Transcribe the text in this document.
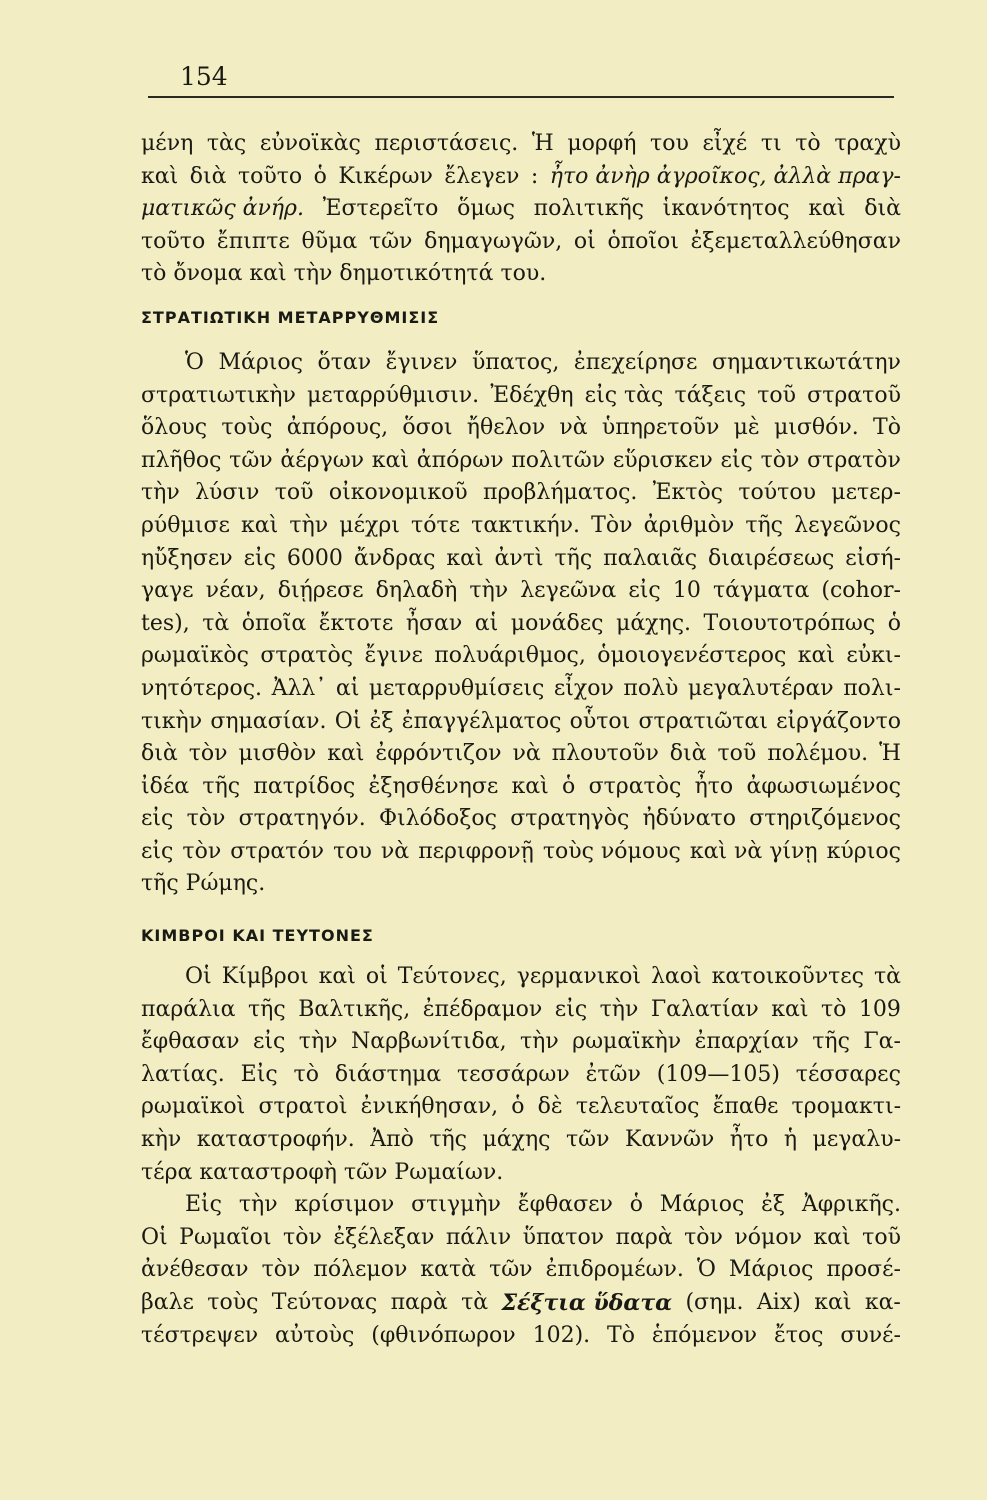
154
μένη τὰς εὐνοϊκὰς περιστάσεις. Ἡ μορφή του εἶχέ τι τὸ τραχὺ
καὶ διὰ τοῦτο ὁ Κικέρων ἔλεγεν : ἦτο ἀνὴρ ἀγροῖκος, ἀλλὰ πραγ-
ματικῶς ἀνήρ. Ἐστερεῖτο ὅμως πολιτικῆς ἱκανότητος καὶ διὰ
τοῦτο ἔπιπτε θῦμα τῶν δημαγωγῶν, οἱ ὁποῖοι ἐξεμεταλλεύθησαν
τὸ ὄνομα καὶ τὴν δημοτικότητά του.
ΣΤΡΑΤΙΩΤΙΚΗ ΜΕΤΑΡΡΥΘΜΙΣΙΣ
Ὁ Μάριος ὅταν ἔγινεν ὕπατος, ἐπεχείρησε σημαντικωτάτην
στρατιωτικὴν μεταρρύθμισιν. Ἐδέχθη εἰς τὰς τάξεις τοῦ στρατοῦ
ὅλους τοὺς ἀπόρους, ὅσοι ἤθελον νὰ ὑπηρετοῦν μὲ μισθόν. Τὸ
πλῆθος τῶν ἀέργων καὶ ἀπόρων πολιτῶν εὕρισκεν εἰς τὸν στρατὸν
τὴν λύσιν τοῦ οἰκονομικοῦ προβλήματος. Ἐκτὸς τούτου μετερ-
ρύθμισε καὶ τὴν μέχρι τότε τακτικήν. Τὸν ἀριθμὸν τῆς λεγεῶνος
ηὔξησεν εἰς 6000 ἄνδρας καὶ ἀντὶ τῆς παλαιᾶς διαιρέσεως εἰσή-
γαγε νέαν, διῄρεσε δηλαδὴ τὴν λεγεῶνα εἰς 10 τάγματα (cohor-
tes), τὰ ὁποῖα ἔκτοτε ἦσαν αἱ μονάδες μάχης. Τοιουτοτρόπως ὁ
ρωμαϊκὸς στρατὸς ἔγινε πολυάριθμος, ὁμοιογενέστερος καὶ εὐκι-
νητότερος. Ἀλλ᾿ αἱ μεταρρυθμίσεις εἶχον πολὺ μεγαλυτέραν πολι-
τικὴν σημασίαν. Οἱ ἐξ ἐπαγγέλματος οὗτοι στρατιῶται εἰργάζοντο
διὰ τὸν μισθὸν καὶ ἐφρόντιζον νὰ πλουτοῦν διὰ τοῦ πολέμου. Ἡ
ἰδέα τῆς πατρίδος ἐξησθένησε καὶ ὁ στρατὸς ἦτο ἀφωσιωμένος
εἰς τὸν στρατηγόν. Φιλόδοξος στρατηγὸς ἠδύνατο στηριζόμενος
εἰς τὸν στρατόν του νὰ περιφρονῇ τοὺς νόμους καὶ νὰ γίνῃ κύριος
τῆς Ρώμης.
ΚΙΜΒΡΟΙ ΚΑΙ ΤΕΥΤΟΝΕΣ
Οἱ Κίμβροι καὶ οἱ Τεύτονες, γερμανικοὶ λαοὶ κατοικοῦντες τὰ
παράλια τῆς Βαλτικῆς, ἐπέδραμον εἰς τὴν Γαλατίαν καὶ τὸ 109
ἔφθασαν εἰς τὴν Ναρβωνίτιδα, τὴν ρωμαϊκὴν ἐπαρχίαν τῆς Γα-
λατίας. Εἰς τὸ διάστημα τεσσάρων ἐτῶν (109—105) τέσσαρες
ρωμαϊκοὶ στρατοὶ ἐνικήθησαν, ὁ δὲ τελευταῖος ἔπαθε τρομακτι-
κὴν καταστροφήν. Ἀπὸ τῆς μάχης τῶν Καννῶν ἦτο ἡ μεγαλυ-
τέρα καταστροφὴ τῶν Ρωμαίων.
Εἰς τὴν κρίσιμον στιγμὴν ἔφθασεν ὁ Μάριος ἐξ Ἀφρικῆς.
Οἱ Ρωμαῖοι τὸν ἐξέλεξαν πάλιν ὕπατον παρὰ τὸν νόμον καὶ τοῦ
ἀνέθεσαν τὸν πόλεμον κατὰ τῶν ἐπιδρομέων. Ὁ Μάριος προσέ-
βαλε τοὺς Τεύτονας παρὰ τὰ Σέξτια ὕδατα (σημ. Aix) καὶ κα-
τέστρεψεν αὐτοὺς (φθινόπωρον 102). Τὸ ἑπόμενον ἔτος συνέ-
